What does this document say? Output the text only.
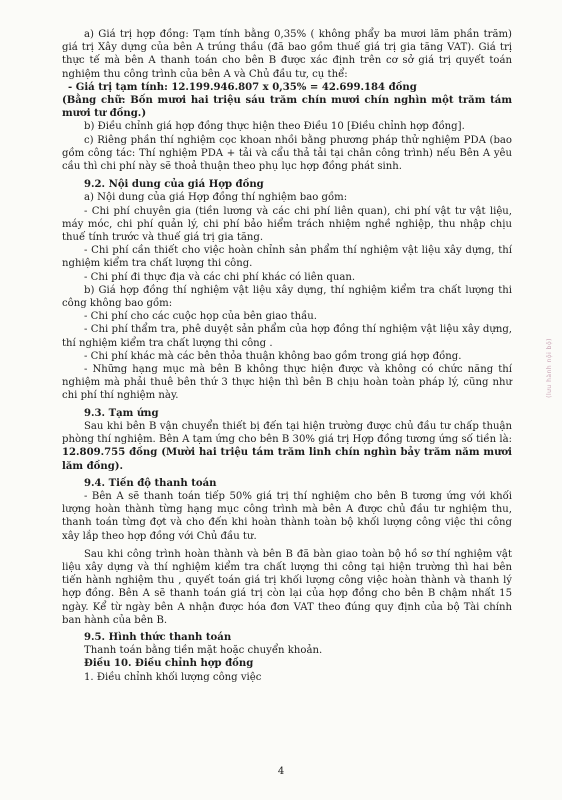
a) Giá trị hợp đồng: Tạm tính bằng 0,35% ( không phẩy ba mươi lăm phần trăm) giá trị Xây dựng của bên A trúng thầu (đã bao gồm thuế giá trị gia tăng VAT). Giá trị thực tế mà bên A thanh toán cho bên B được xác định trên cơ sở giá trị quyết toán nghiệm thu công trình của bên A và Chủ đầu tư, cụ thể:

- Giá trị tạm tính: 12.199.946.807 x 0,35% = 42.699.184 đồng

(Bằng chữ: Bốn mươi hai triệu sáu trăm chín mươi chín nghìn một trăm tám mươi tư đồng.)

b) Điều chỉnh giá hợp đồng thực hiện theo Điều 10 [Điều chỉnh hợp đồng].

c) Riêng phần thí nghiệm cọc khoan nhồi bằng phương pháp thử nghiệm PDA (bao gồm công tác: Thí nghiệm PDA + tải và cẩu thả tải tại chân công trình) nếu Bên A yêu cầu thì chi phí này sẽ thoả thuận theo phụ lục hợp đồng phát sinh.

9.2. Nội dung của giá Hợp đồng

a) Nội dung của giá Hợp đồng thí nghiệm bao gồm:

- Chi phí chuyên gia (tiền lương và các chi phí liên quan), chi phí vật tư vật liệu, máy móc, chi phí quản lý, chi phí bảo hiểm trách nhiệm nghề nghiệp, thu nhập chịu thuế tính trước và thuế giá trị gia tăng.

- Chi phí cần thiết cho việc hoàn chỉnh sản phẩm thí nghiệm vật liệu xây dựng, thí nghiệm kiểm tra chất lượng thi công.

- Chi phí đi thực địa và các chi phí khác có liên quan.

b) Giá hợp đồng thí nghiệm vật liệu xây dựng, thí nghiệm kiểm tra chất lượng thi công không bao gồm:

- Chi phí cho các cuộc họp của bên giao thầu.

- Chi phí thẩm tra, phê duyệt sản phẩm của hợp đồng thí nghiệm vật liệu xây dựng, thí nghiệm kiểm tra chất lượng thi công .

- Chi phí khác mà các bên thỏa thuận không bao gồm trong giá hợp đồng.

- Những hạng mục mà bên B không thực hiện được và không có chức năng thí nghiệm mà phải thuê bên thứ 3 thực hiện thì bên B chịu hoàn toàn pháp lý, cũng như chi phí thí nghiệm này.

9.3. Tạm ứng

Sau khi bên B vận chuyển thiết bị đến tại hiện trường được chủ đầu tư chấp thuận phòng thí nghiệm. Bên A tạm ứng cho bên B 30% giá trị Hợp đồng tương ứng số tiền là: 12.809.755 đồng (Mười hai triệu tám trăm linh chín nghìn bảy trăm năm mươi lăm đồng).

9.4. Tiến độ thanh toán

- Bên A sẽ thanh toán tiếp 50% giá trị thí nghiệm cho bên B tương ứng với khối lượng hoàn thành từng hạng mục công trình mà bên A được chủ đầu tư nghiệm thu, thanh toán từng đợt và cho đến khi hoàn thành toàn bộ khối lượng công việc thi công xây lắp theo hợp đồng với Chủ đầu tư.

Sau khi công trình hoàn thành và bên B đã bàn giao toàn bộ hồ sơ thí nghiệm vật liệu xây dựng và thí nghiệm kiểm tra chất lượng thi công tại hiện trường thì hai bên tiến hành nghiệm thu , quyết toán giá trị khối lượng công việc hoàn thành và thanh lý hợp đồng. Bên A sẽ thanh toán giá trị còn lại của hợp đồng cho bên B chậm nhất 15 ngày. Kể từ ngày bên A nhận được hóa đơn VAT theo đúng quy định của bộ Tài chính ban hành của bên B.

9.5. Hình thức thanh toán

Thanh toán bằng tiền mặt hoặc chuyển khoản.

Điều 10. Điều chỉnh hợp đồng

1. Điều chỉnh khối lượng công việc

(lưu hành nội bộ)
4
